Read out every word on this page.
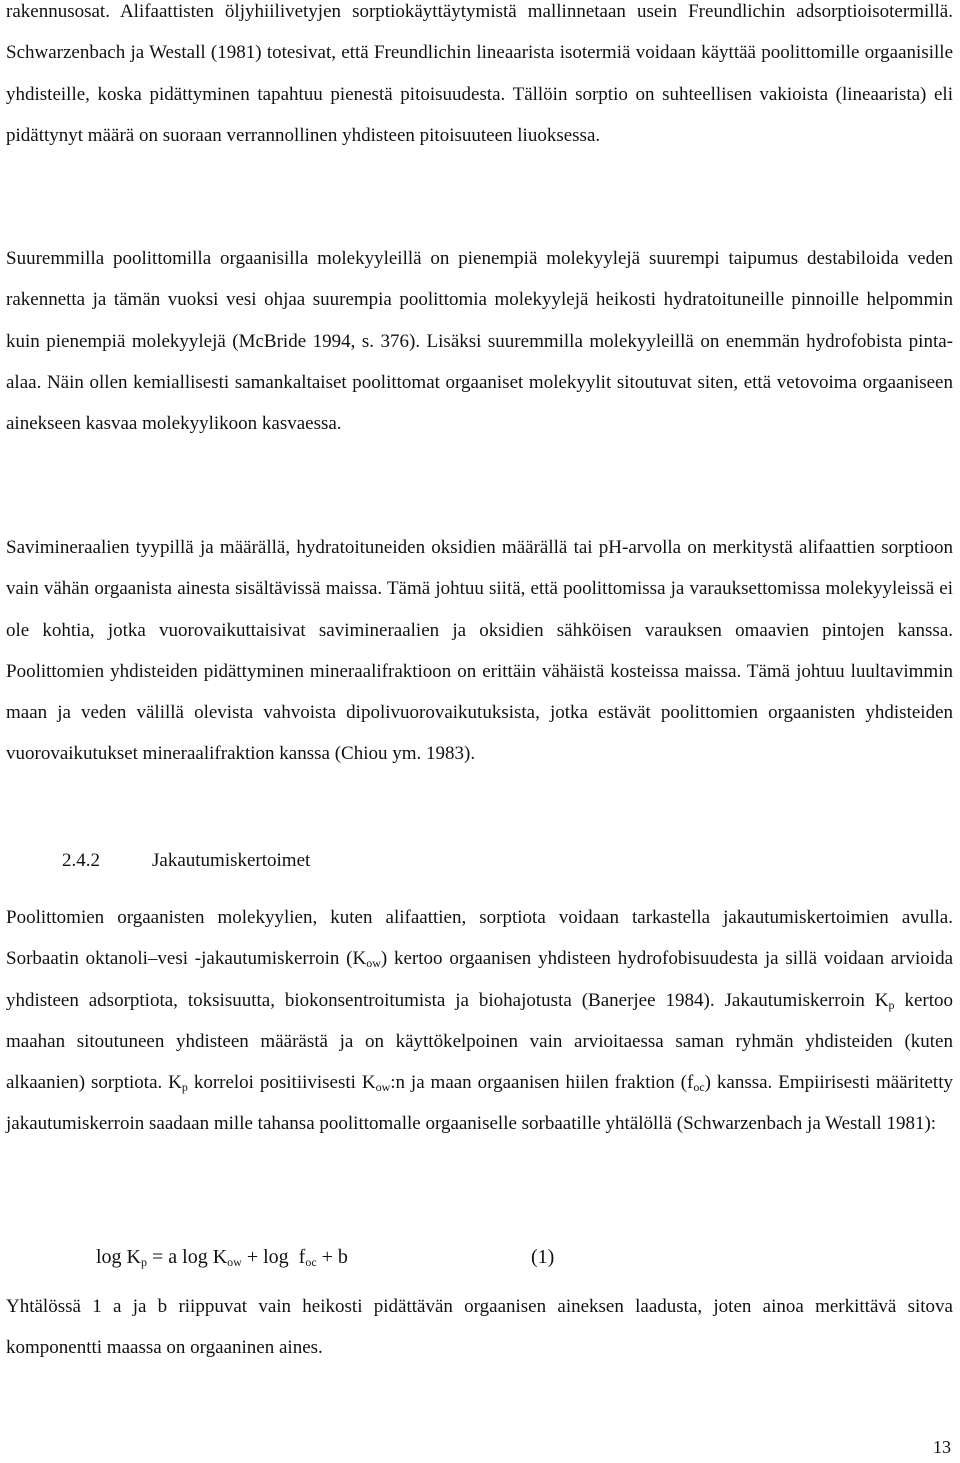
rakennusosat. Alifaattisten öljyhiilivetyjen sorptiokäyttäytymistä mallinnetaan usein Freundlichin adsorptioisotermillä. Schwarzenbach ja Westall (1981) totesivat, että Freundlichin lineaarista isotermiä voidaan käyttää poolittomille orgaanisille yhdisteille, koska pidättyminen tapahtuu pienestä pitoisuudesta. Tällöin sorptio on suhteellisen vakioista (lineaarista) eli pidättynyt määrä on suoraan verrannollinen yhdisteen pitoisuuteen liuoksessa.

Suuremmilla poolittomilla orgaanisilla molekyyleillä on pienempiä molekyylejä suurempi taipumus destabiloida veden rakennetta ja tämän vuoksi vesi ohjaa suurempia poolittomia molekyylejä heikosti hydratoituneille pinnoille helpommin kuin pienempiä molekyylejä (McBride 1994, s. 376). Lisäksi suuremmilla molekyyleillä on enemmän hydrofobista pinta-alaa. Näin ollen kemiallisesti samankaltaiset poolittomat orgaaniset molekyylit sitoutuvat siten, että vetovoima orgaaniseen ainekseen kasvaa molekyylikoon kasvaessa.

Savimineraalien tyypillä ja määrällä, hydratoituneiden oksidien määrällä tai pH-arvolla on merkitystä alifaattien sorptioon vain vähän orgaanista ainesta sisältävissä maissa. Tämä johtuu siitä, että poolittomissa ja varauksettomissa molekyyleissä ei ole kohtia, jotka vuorovaikuttaisivat savimineraalien ja oksidien sähköisen varauksen omaavien pintojen kanssa. Poolittomien yhdisteiden pidättyminen mineraalifraktioon on erittäin vähäistä kosteissa maissa. Tämä johtuu luultavimmin maan ja veden välillä olevista vahvoista dipolivuorovaikutuksista, jotka estävät poolittomien orgaanisten yhdisteiden vuorovaikutukset mineraalifraktion kanssa (Chiou ym. 1983).

2.4.2	Jakautumiskertoimet

Poolittomien orgaanisten molekyylien, kuten alifaattien, sorptiota voidaan tarkastella jakautumiskertoimien avulla. Sorbaatin oktanoli–vesi -jakautumiskerroin $(K_{ow})$ kertoo orgaanisen yhdisteen hydrofobisuudesta ja sillä voidaan arvioida yhdisteen adsorptiota, toksisuutta, biokonsentroitumista ja biohajotusta (Banerjee 1984). Jakautumiskerroin $K_p$ kertoo maahan sitoutuneen yhdisteen määrästä ja on käyttökelpoinen vain arvioitaessa saman ryhmän yhdisteiden (kuten alkaanien) sorptiota. $K_p$ korreloi positiivisesti $K_{ow}:n$ ja maan orgaanisen hiilen fraktion $(f_{oc})$ kanssa. Empiirisesti määritetty jakautumiskerroin saadaan mille tahansa poolittomalle orgaaniselle sorbaatille yhtälöllä (Schwarzenbach ja Westall 1981):

$\log K_p = a$ $\log K_{ow} + \log f_{oc} + b$	(1)

Yhtälössä 1 a ja b riippuvat vain heikosti pidättävän orgaanisen aineksen laadusta, joten ainoa merkittävä sitova komponentti maassa on orgaaninen aines.

13
